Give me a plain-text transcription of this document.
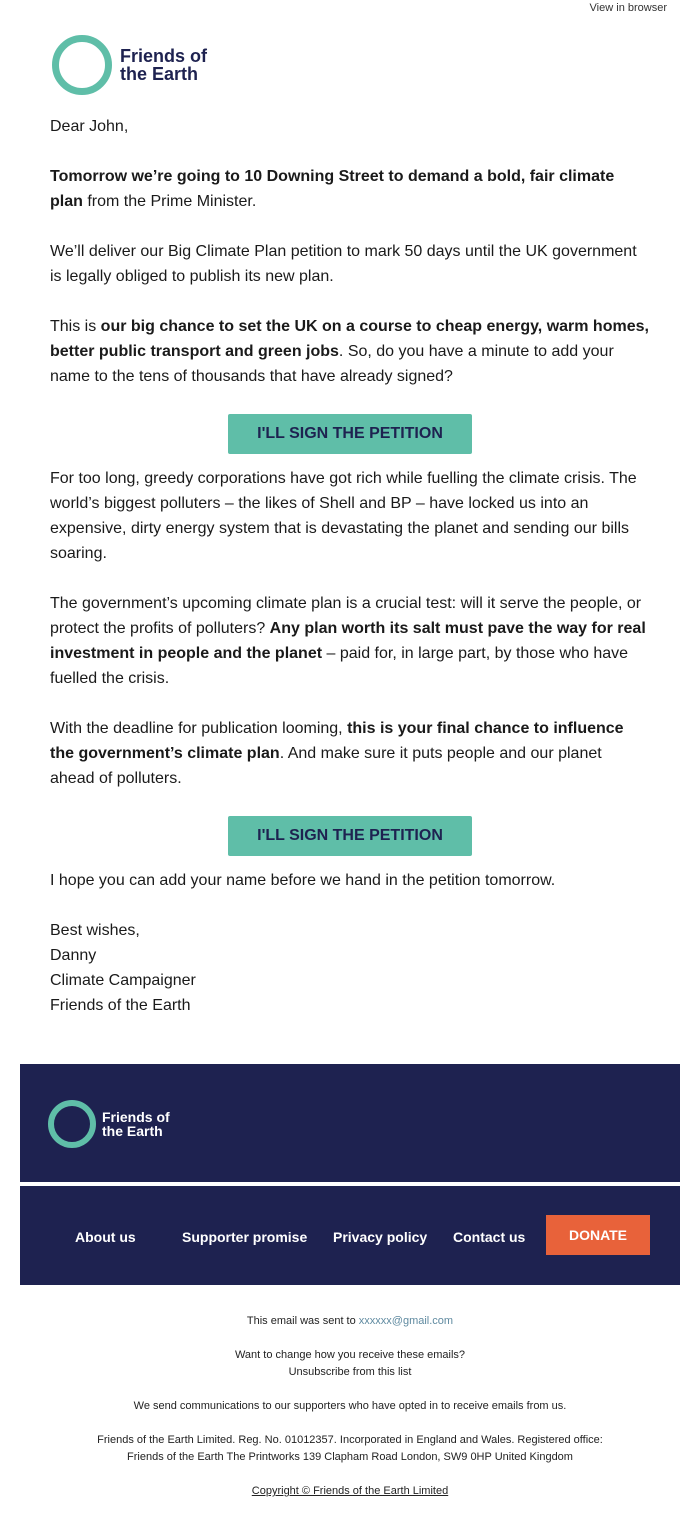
View in browser
Friends of
the Earth

Dear John,

Tomorrow we’re going to 10 Downing Street to demand a bold, fair climate plan from the Prime Minister.

We’ll deliver our Big Climate Plan petition to mark 50 days until the UK government is legally obliged to publish its new plan.

This is our big chance to set the UK on a course to cheap energy, warm homes, better public transport and green jobs. So, do you have a minute to add your name to the tens of thousands that have already signed?

I'LL SIGN THE PETITION

For too long, greedy corporations have got rich while fuelling the climate crisis. The world’s biggest polluters – the likes of Shell and BP – have locked us into an expensive, dirty energy system that is devastating the planet and sending our bills soaring.

The government’s upcoming climate plan is a crucial test: will it serve the people, or protect the profits of polluters? Any plan worth its salt must pave the way for real investment in people and the planet – paid for, in large part, by those who have fuelled the crisis.

With the deadline for publication looming, this is your final chance to influence the government’s climate plan. And make sure it puts people and our planet ahead of polluters.

I'LL SIGN THE PETITION

I hope you can add your name before we hand in the petition tomorrow.

Best wishes,

Danny

Climate Campaigner

Friends of the Earth

Friends of
the Earth
About us	Supporter promise Privacy policy Contact us	DONATE

This email was sent to xxxxxx@gmail.com

Want to change how you receive these emails?
Unsubscribe from this list

We send communications to our supporters who have opted in to receive emails from us.

Friends of the Earth Limited. Reg. No. 01012357. Incorporated in England and Wales. Registered office:
Friends of the Earth The Printworks 139 Clapham Road London, SW9 0HP United Kingdom

Copyright © Friends of the Earth Limited
